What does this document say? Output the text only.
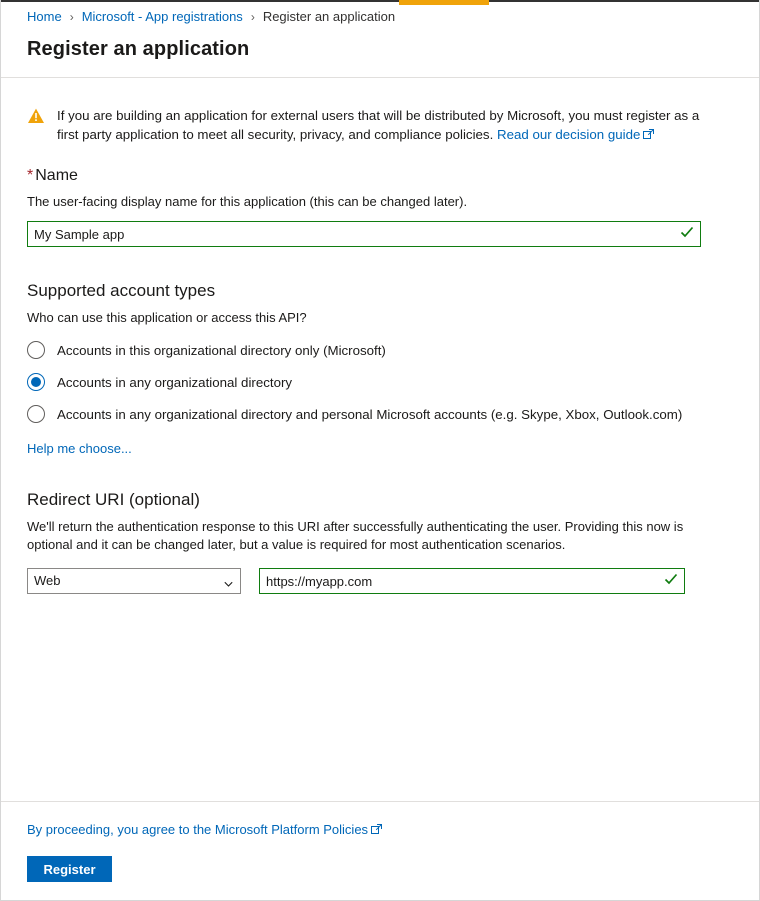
Home › Microsoft - App registrations › Register an application
Register an application
If you are building an application for external users that will be distributed by Microsoft, you must register as a first party application to meet all security, privacy, and compliance policies. Read our decision guide
* Name

The user-facing display name for this application (this can be changed later).

My Sample app
Supported account types

Who can use this application or access this API?

Accounts in this organizational directory only (Microsoft)
Accounts in any organizational directory
Accounts in any organizational directory and personal Microsoft accounts (e.g. Skype, Xbox, Outlook.com)
Help me choose...
Redirect URI (optional)

We'll return the authentication response to this URI after successfully authenticating the user. Providing this now is optional and it can be changed later, but a value is required for most authentication scenarios.

Web
https://myapp.com
By proceeding, you agree to the Microsoft Platform Policies
Register
